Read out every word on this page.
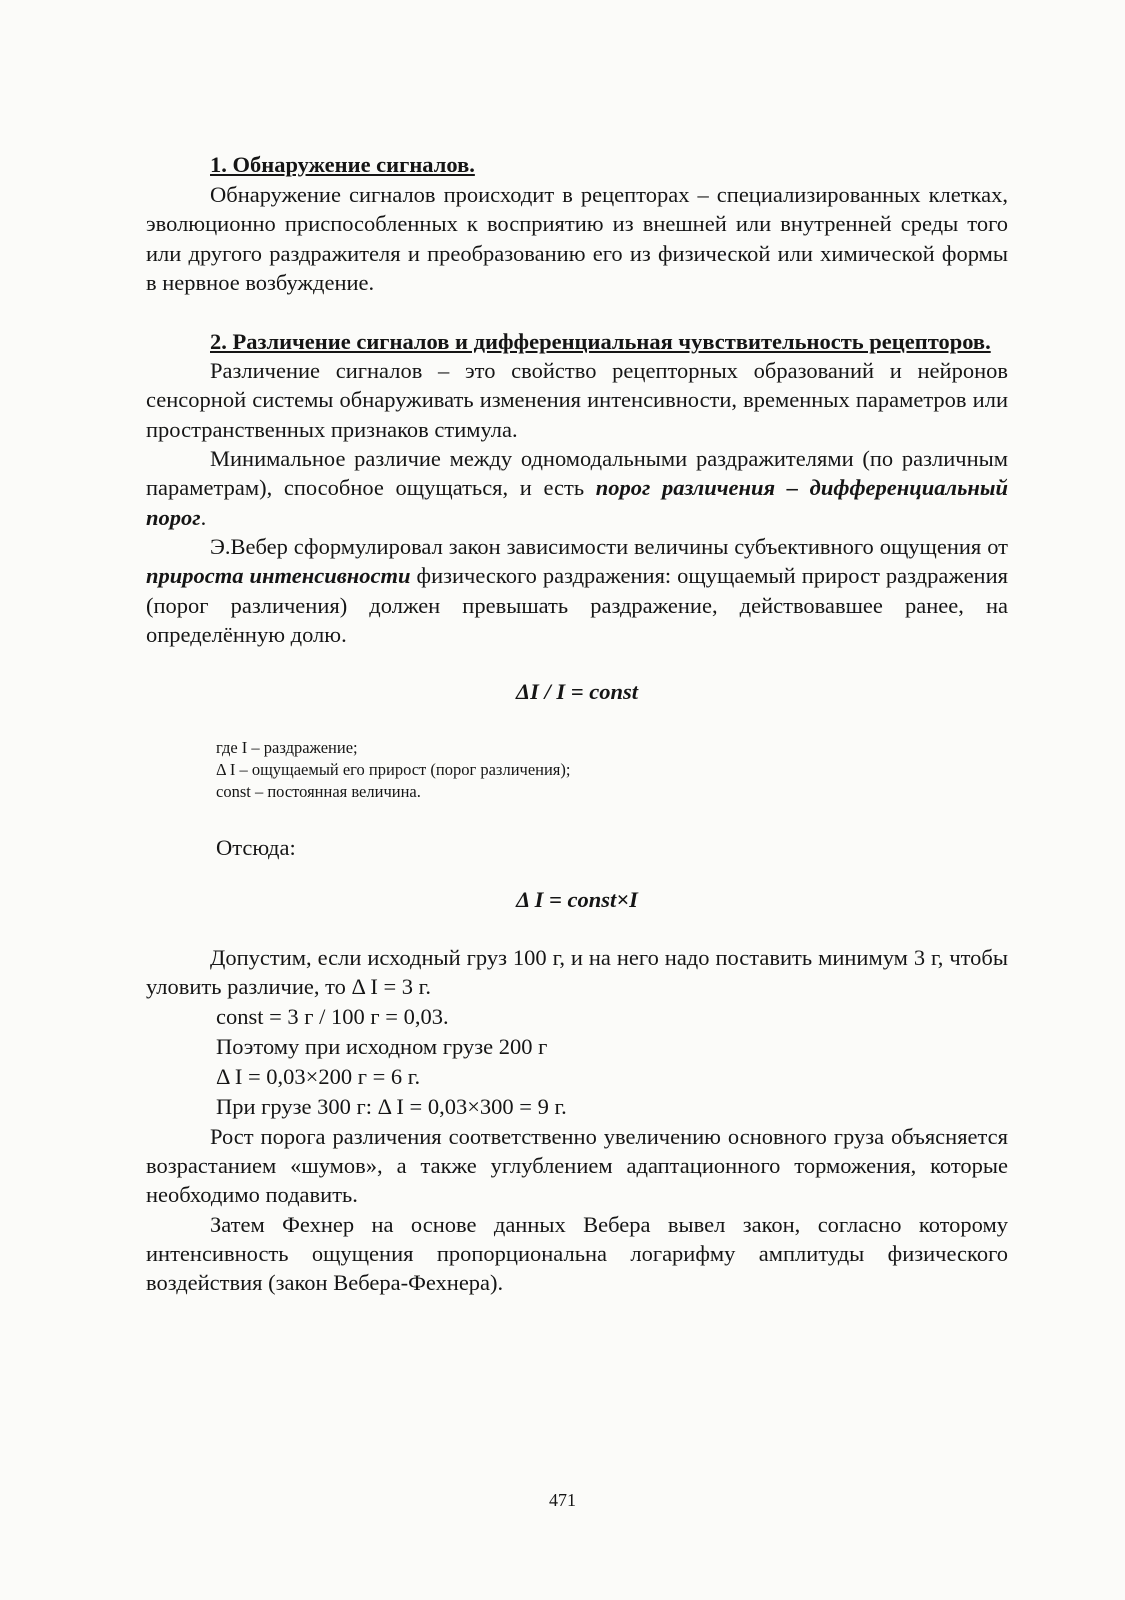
1. Обнаружение сигналов.

Обнаружение сигналов происходит в рецепторах – специализированных клетках, эволюционно приспособленных к восприятию из внешней или внутренней среды того или другого раздражителя и преобразованию его из физической или химической формы в нервное возбуждение.

2. Различение сигналов и дифференциальная чувствительность рецепторов.

Различение сигналов – это свойство рецепторных образований и нейронов сенсорной системы обнаруживать изменения интенсивности, временных параметров или пространственных признаков стимула.

Минимальное различие между одномодальными раздражителями (по различным параметрам), способное ощущаться, и есть порог различения – дифференциальный порог.

Э.Вебер сформулировал закон зависимости величины субъективного ощущения от прироста интенсивности физического раздражения: ощущаемый прирост раздражения (порог различения) должен превышать раздражение, действовавшее ранее, на определённую долю.

ΔI / I = const
где I – раздражение;
Δ I – ощущаемый его прирост (порог различения);
const – постоянная величина.
Отсюда:
Δ I = const×I

Допустим, если исходный груз 100 г, и на него надо поставить минимум 3 г, чтобы уловить различие, то Δ I = 3 г.

const = 3 г / 100 г = 0,03.
Поэтому при исходном грузе 200 г
Δ I = 0,03×200 г = 6 г.
При грузе 300 г: Δ I = 0,03×300 = 9 г.

Рост порога различения соответственно увеличению основного груза объясняется возрастанием «шумов», а также углублением адаптационного торможения, которые необходимо подавить.

Затем Фехнер на основе данных Вебера вывел закон, согласно которому интенсивность ощущения пропорциональна логарифму амплитуды физического воздействия (закон Вебера-Фехнера).

471
